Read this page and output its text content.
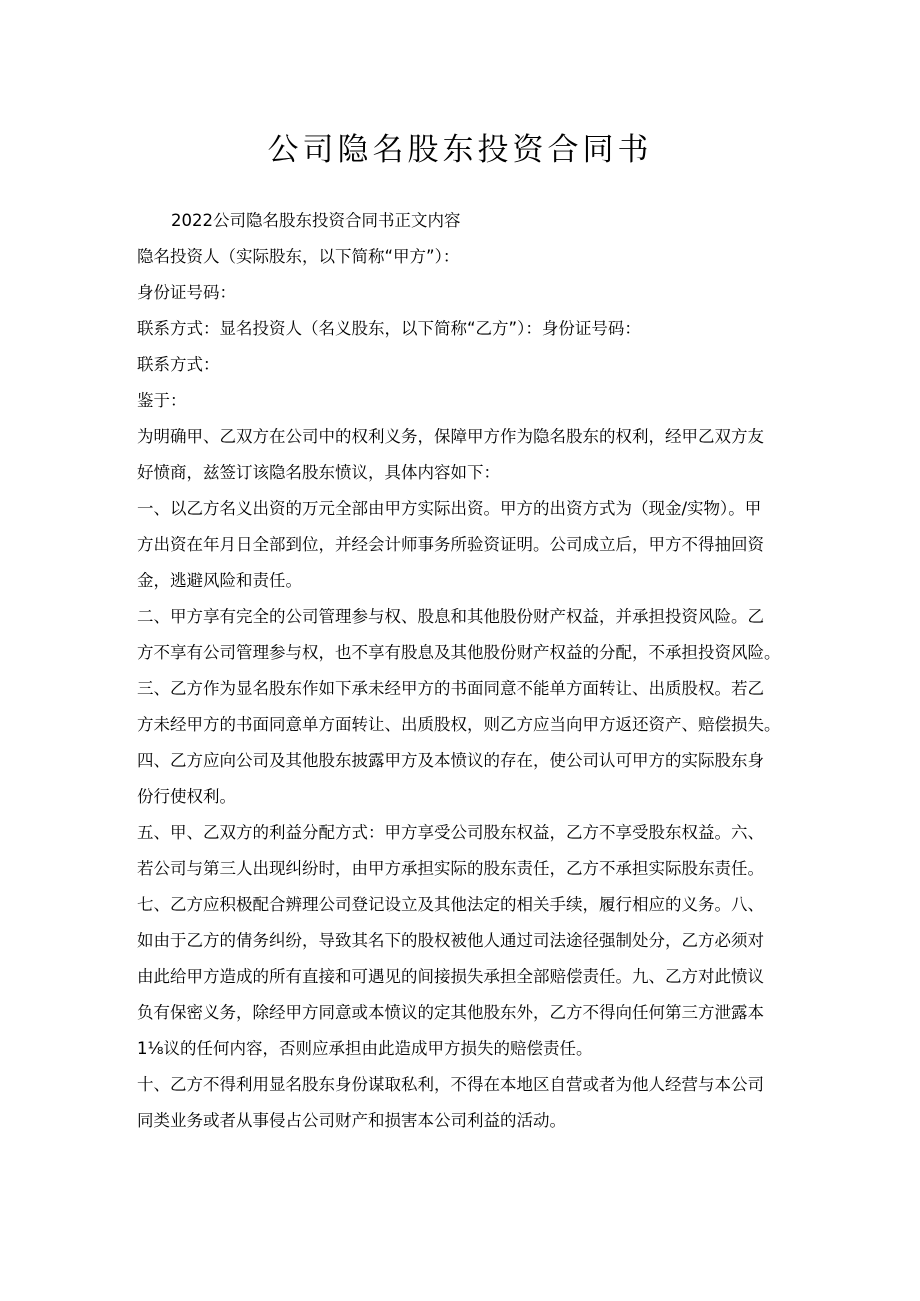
公司隐名股东投资合同书

2022公司隐名股东投资合同书正文内容

隐名投资人（实际股东，以下简称“甲方”）：

身份证号码：

联系方式：显名投资人（名义股东，以下简称“乙方”）：身份证号码：

联系方式：

鉴于：

为明确甲、乙双方在公司中的权利义务，保障甲方作为隐名股东的权利，经甲乙双方友

好愤商，兹签订该隐名股东愤议，具体内容如下：

一、以乙方名义出资的万元全部由甲方实际出资。甲方的出资方式为（现金/实物）。甲

方出资在年月日全部到位，并经会计师事务所验资证明。公司成立后，甲方不得抽回资

金，逃避风险和责任。

二、甲方享有完全的公司管理参与权、股息和其他股份财产权益，并承担投资风险。乙

方不享有公司管理参与权，也不享有股息及其他股份财产权益的分配，不承担投资风险。

三、乙方作为显名股东作如下承未经甲方的书面同意不能单方面转让、出质股权。若乙

方未经甲方的书面同意单方面转让、出质股权，则乙方应当向甲方返还资产、赔偿损失。

四、乙方应向公司及其他股东披露甲方及本愤议的存在，使公司认可甲方的实际股东身

份行使权利。

五、甲、乙双方的利益分配方式：甲方享受公司股东权益，乙方不享受股东权益。六、

若公司与第三人出现纠纷时，由甲方承担实际的股东责任，乙方不承担实际股东责任。

七、乙方应积极配合辨理公司登记设立及其他法定的相关手续，履行相应的义务。八、

如由于乙方的倩务纠纷，导致其名下的股权被他人通过司法途径强制处分，乙方必须对

由此给甲方造成的所有直接和可遇见的间接损失承担全部赔偿责任。九、乙方对此愤议

负有保密义务，除经甲方同意或本愤议的定其他股东外，乙方不得向任何第三方泄露本

1⅛议的任何内容，否则应承担由此造成甲方损失的赔偿责任。

十、乙方不得利用显名股东身份谋取私利，不得在本地区自营或者为他人经营与本公司

同类业务或者从事侵占公司财产和损害本公司利益的活动。
